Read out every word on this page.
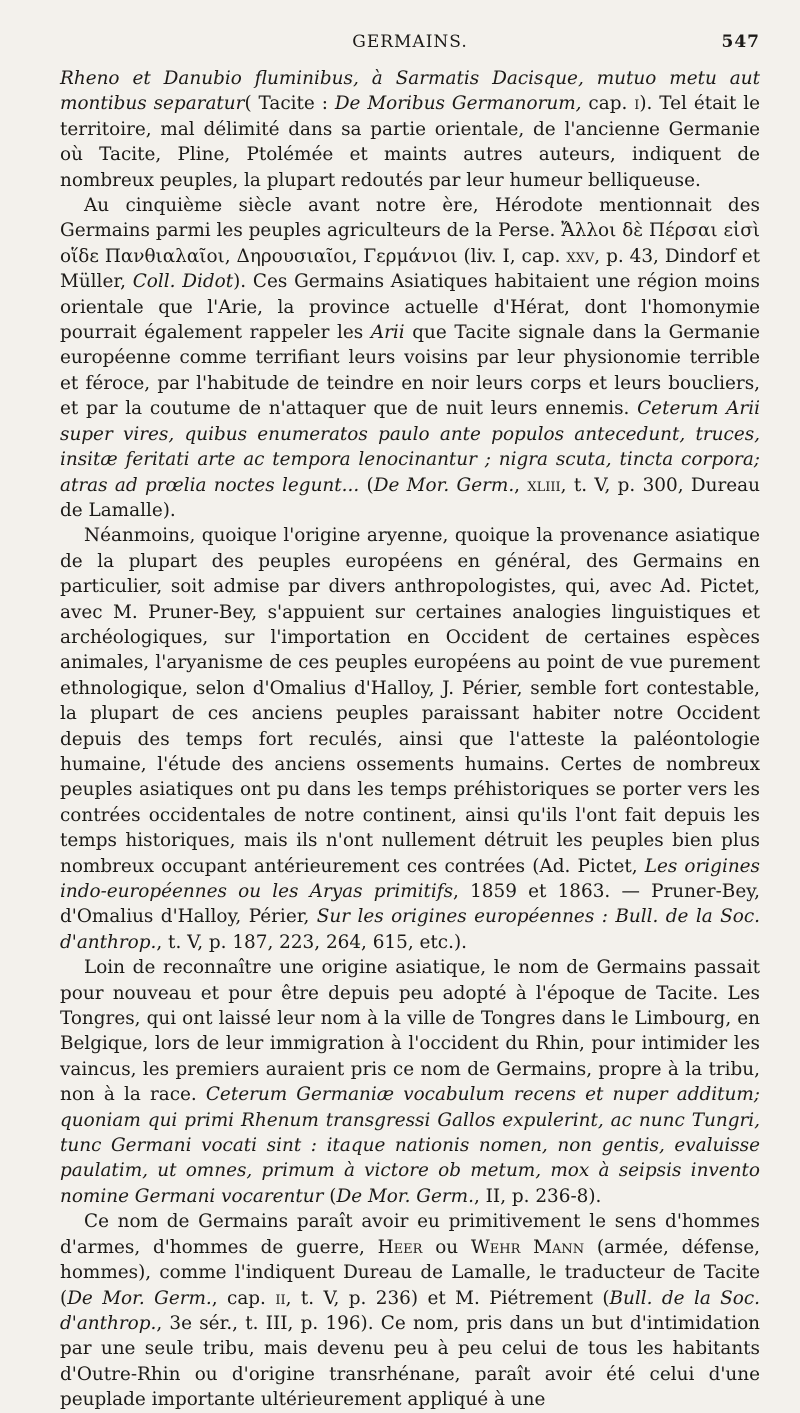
GERMAINS.	547

Rheno et Danubio fluminibus, à Sarmatis Dacisque, mutuo metu aut montibus separatur( Tacite : De Moribus Germanorum, cap. i). Tel était le territoire, mal délimité dans sa partie orientale, de l'ancienne Germanie où Tacite, Pline, Ptolémée et maints autres auteurs, indiquent de nombreux peuples, la plupart redoutés par leur humeur belliqueuse.

Au cinquième siècle avant notre ère, Hérodote mentionnait des Germains parmi les peuples agriculteurs de la Perse. Ἄλλοι δὲ Πέρσαι εἰσὶ οἵδε Πανθιαλαῖοι, Δηρουσιαῖοι, Γερμάνιοι (liv. I, cap. xxv, p. 43, Dindorf et Müller, Coll. Didot). Ces Germains Asiatiques habitaient une région moins orientale que l'Arie, la province actuelle d'Hérat, dont l'homonymie pourrait également rappeler les Arii que Tacite signale dans la Germanie européenne comme terrifiant leurs voisins par leur physionomie terrible et féroce, par l'habitude de teindre en noir leurs corps et leurs boucliers, et par la coutume de n'attaquer que de nuit leurs ennemis. Ceterum Arii super vires, quibus enumeratos paulo ante populos antecedunt, truces, insitæ feritati arte ac tempora lenocinantur ; nigra scuta, tincta corpora; atras ad prœlia noctes legunt... (De Mor. Germ., xliii, t. V, p. 300, Dureau de Lamalle).

Néanmoins, quoique l'origine aryenne, quoique la provenance asiatique de la plupart des peuples européens en général, des Germains en particulier, soit admise par divers anthropologistes, qui, avec Ad. Pictet, avec M. Pruner-Bey, s'appuient sur certaines analogies linguistiques et archéologiques, sur l'importation en Occident de certaines espèces animales, l'aryanisme de ces peuples européens au point de vue purement ethnologique, selon d'Omalius d'Halloy, J. Périer, semble fort contestable, la plupart de ces anciens peuples paraissant habiter notre Occident depuis des temps fort reculés, ainsi que l'atteste la paléontologie humaine, l'étude des anciens ossements humains. Certes de nombreux peuples asiatiques ont pu dans les temps préhistoriques se porter vers les contrées occidentales de notre continent, ainsi qu'ils l'ont fait depuis les temps historiques, mais ils n'ont nullement détruit les peuples bien plus nombreux occupant antérieurement ces contrées (Ad. Pictet, Les origines indo-européennes ou les Aryas primitifs, 1859 et 1863. — Pruner-Bey, d'Omalius d'Halloy, Périer, Sur les origines européennes : Bull. de la Soc. d'anthrop., t. V, p. 187, 223, 264, 615, etc.).

Loin de reconnaître une origine asiatique, le nom de Germains passait pour nouveau et pour être depuis peu adopté à l'époque de Tacite. Les Tongres, qui ont laissé leur nom à la ville de Tongres dans le Limbourg, en Belgique, lors de leur immigration à l'occident du Rhin, pour intimider les vaincus, les premiers auraient pris ce nom de Germains, propre à la tribu, non à la race. Ceterum Germaniæ vocabulum recens et nuper additum; quoniam qui primi Rhenum transgressi Gallos expulerint, ac nunc Tungri, tunc Germani vocati sint : itaque nationis nomen, non gentis, evaluisse paulatim, ut omnes, primum à victore ob metum, mox à seipsis invento nomine Germani vocarentur (De Mor. Germ., II, p. 236-8).

Ce nom de Germains paraît avoir eu primitivement le sens d'hommes d'armes, d'hommes de guerre, Heer ou Wehr Mann (armée, défense, hommes), comme l'indiquent Dureau de Lamalle, le traducteur de Tacite (De Mor. Germ., cap. ii, t. V, p. 236) et M. Piétrement (Bull. de la Soc. d'anthrop., 3e sér., t. III, p. 196). Ce nom, pris dans un but d'intimidation par une seule tribu, mais devenu peu à peu celui de tous les habitants d'Outre-Rhin ou d'origine transrhénane, paraît avoir été celui d'une peuplade importante ultérieurement appliqué à une
